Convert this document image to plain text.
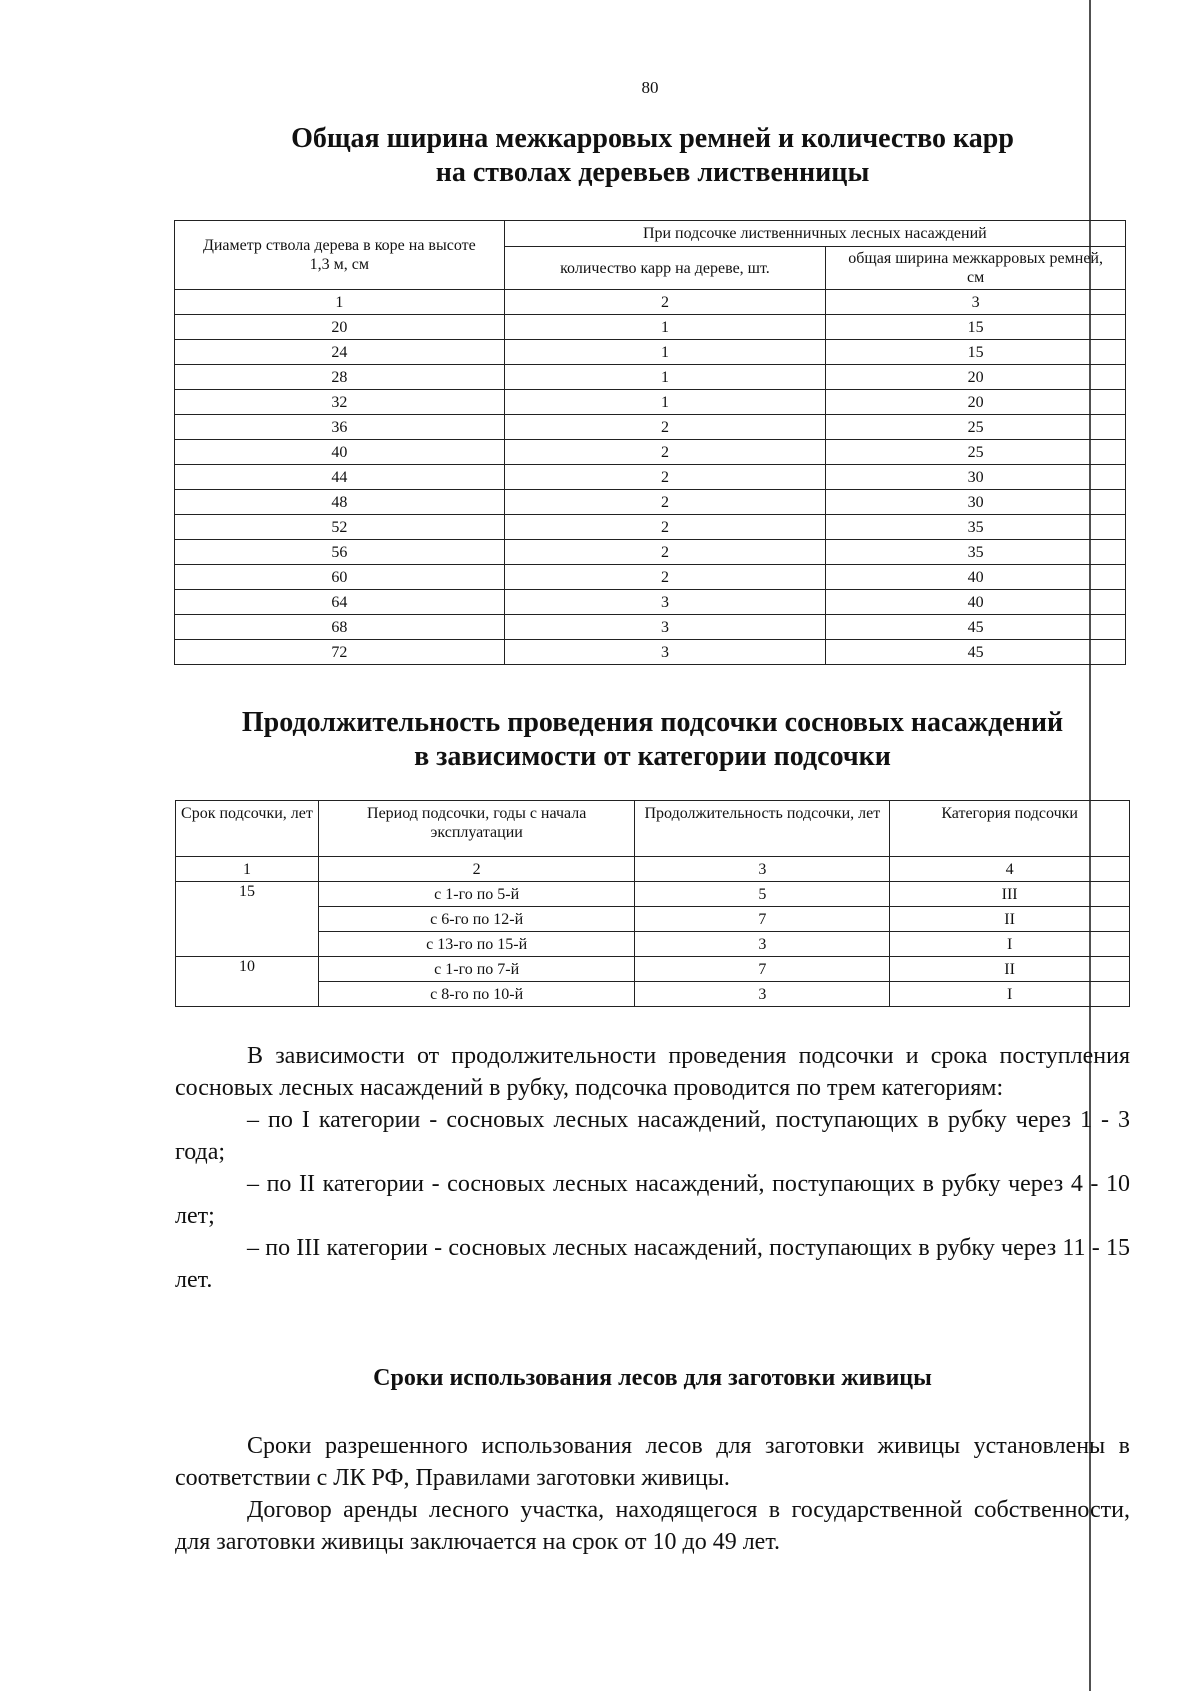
80
Общая ширина межкарровых ремней и количество карр
на стволах деревьев лиственницы
Диаметр ствола дерева в коре на высоте 1,3 м, см	При подсочке лиственничных лесных насаждений	
	количество карр на дереве, шт.	общая ширина межкарровых ремней, см
1	2	3
20	1	15
24	1	15
28	1	20
32	1	20
36	2	25
40	2	25
44	2	30
48	2	30
52	2	35
56	2	35
60	2	40
64	3	40
68	3	45
72	3	45
Продолжительность проведения подсочки сосновых насаждений
в зависимости от категории подсочки
Срок подсочки, лет	Период подсочки, годы с начала эксплуатации	Продолжительность подсочки, лет	Категория подсочки
1	2	3	4
15	с 1-го по 5-й	5	III
	с 6-го по 12-й	7	II
	с 13-го по 15-й	3	I
10	с 1-го по 7-й	7	II
	с 8-го по 10-й	3	I

В зависимости от продолжительности проведения подсочки и срока поступления сосновых лесных насаждений в рубку, подсочка проводится по трем категориям:

– по I категории - сосновых лесных насаждений, поступающих в рубку через 1 - 3 года;

– по II категории - сосновых лесных насаждений, поступающих в рубку через 4 - 10 лет;

– по III категории - сосновых лесных насаждений, поступающих в рубку через 11 - 15 лет.

Сроки использования лесов для заготовки живицы

Сроки разрешенного использования лесов для заготовки живицы установлены в соответствии с ЛК РФ, Правилами заготовки живицы.

Договор аренды лесного участка, находящегося в государственной собственности, для заготовки живицы заключается на срок от 10 до 49 лет.
